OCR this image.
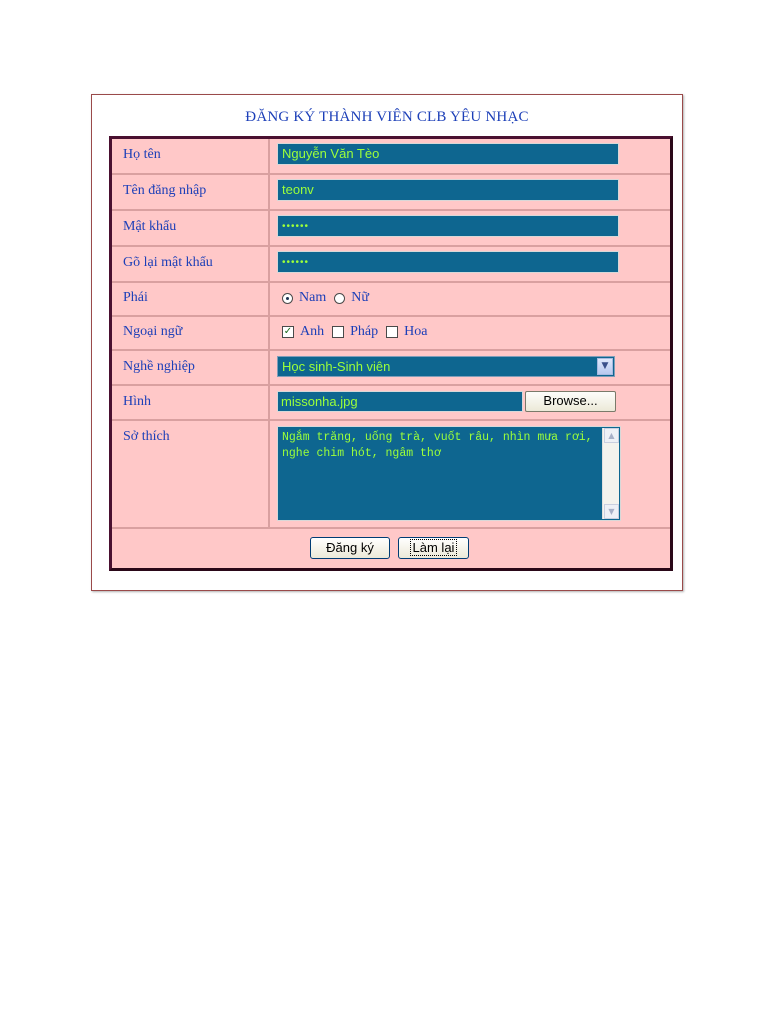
ĐĂNG KÝ THÀNH VIÊN CLB YÊU NHẠC
Họ tên	Nguyễn Văn Tèo
Tên đăng nhập	teonv
Mật khẩu	••••••
Gõ lại mật khẩu	••••••
Phái	Nam Nữ
Ngoại ngữ	✓ Anh Pháp Hoa
Nghề nghiệp	Học sinh-Sinh viên	▼
Hình	missonha.jpg	Browse...
Sở thích	Ngắm trăng, uống trà, vuốt râu, nhìn mưa rơi, nghe chim hót, ngâm thơ
▲
▼
Đăng ký	Làm lại
